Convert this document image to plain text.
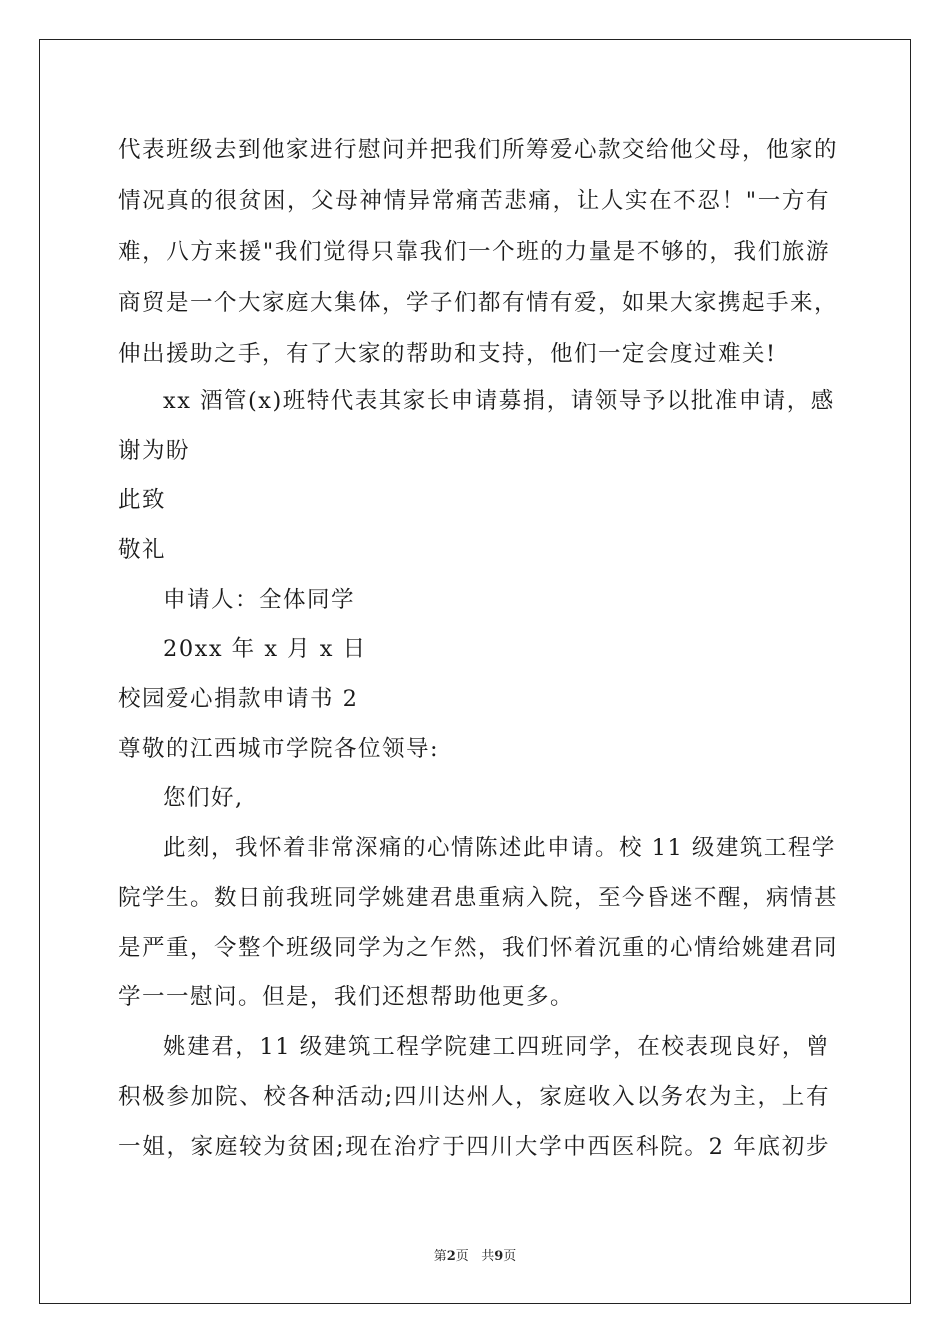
代表班级去到他家进行慰问并把我们所筹爱心款交给他父母，他家的
情况真的很贫困，父母神情异常痛苦悲痛，让人实在不忍！"一方有
难，八方来援"我们觉得只靠我们一个班的力量是不够的，我们旅游
商贸是一个大家庭大集体，学子们都有情有爱，如果大家携起手来，
伸出援助之手，有了大家的帮助和支持，他们一定会度过难关!
xx 酒管(x)班特代表其家长申请募捐，请领导予以批准申请，感
谢为盼
此致
敬礼
申请人：全体同学
20xx 年 x 月 x 日
校园爱心捐款申请书 2
尊敬的江西城市学院各位领导:
您们好,
此刻，我怀着非常深痛的心情陈述此申请。校 11 级建筑工程学
院学生。数日前我班同学姚建君患重病入院，至今昏迷不醒，病情甚
是严重，令整个班级同学为之乍然，我们怀着沉重的心情给姚建君同
学一一慰问。但是，我们还想帮助他更多。
姚建君，11 级建筑工程学院建工四班同学，在校表现良好，曾
积极参加院、校各种活动;四川达州人，家庭收入以务农为主，上有
一姐，家庭较为贫困;现在治疗于四川大学中西医科院。2 年底初步
第2页   共9页
